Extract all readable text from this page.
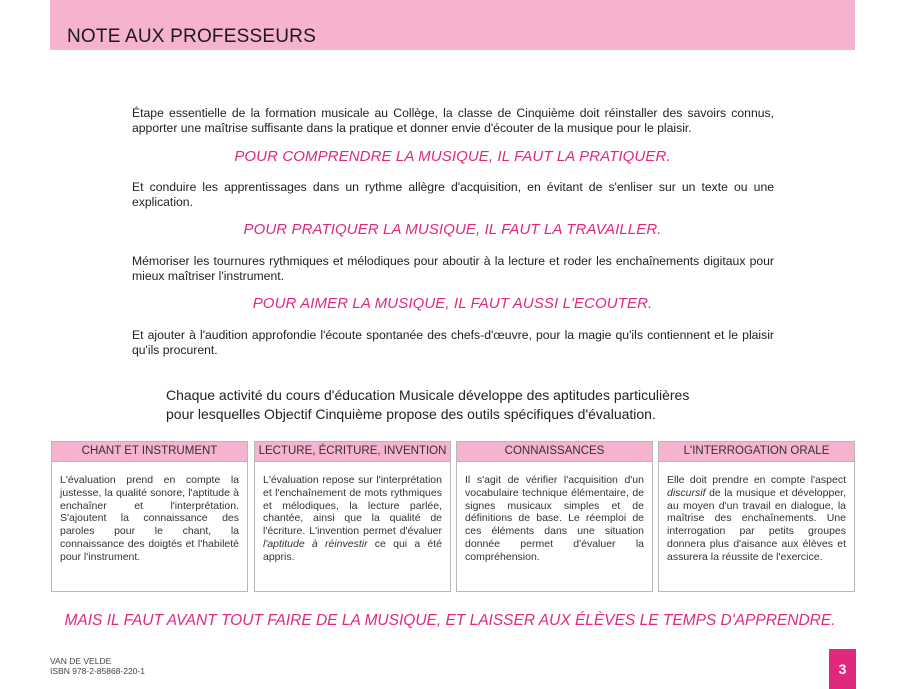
NOTE AUX PROFESSEURS
Étape essentielle de la formation musicale au Collège, la classe de Cinquième doit réinstaller des savoirs connus, apporter une maîtrise suffisante dans la pratique et donner envie d'écouter de la musique pour le plaisir.
POUR COMPRENDRE LA MUSIQUE, IL FAUT LA PRATIQUER.
Et conduire les apprentissages dans un rythme allègre d'acquisition, en évitant de s'enliser sur un texte ou une explication.
POUR PRATIQUER LA MUSIQUE, IL FAUT LA TRAVAILLER.
Mémoriser les tournures rythmiques et mélodiques pour aboutir à la lecture et roder les enchaînements digitaux pour mieux maîtriser l'instrument.
POUR AIMER LA MUSIQUE, IL FAUT AUSSI L'ECOUTER.
Et ajouter à l'audition approfondie l'écoute spontanée des chefs-d'œuvre, pour la magie qu'ils contiennent et le plaisir qu'ils procurent.
Chaque activité du cours d'éducation Musicale développe des aptitudes particulières
pour lesquelles Objectif Cinquième propose des outils spécifiques d'évaluation.
CHANT ET INSTRUMENT
L'évaluation prend en compte la justesse, la qualité sonore, l'aptitude à enchaîner et l'interprétation. S'ajoutent la connaissance des paroles pour le chant, la connaissance des doigtés et l'habileté pour l'instrument.
LECTURE, ÉCRITURE, INVENTION
L'évaluation repose sur l'interprétation et l'enchaînement de mots rythmiques et mélodiques, la lecture parlée, chantée, ainsi que la qualité de l'écriture. L'invention permet d'évaluer l'aptitude à réinvestir ce qui a été appris.
CONNAISSANCES
Il s'agit de vérifier l'acquisition d'un vocabulaire technique élémentaire, de signes musicaux simples et de définitions de base. Le réemploi de ces éléments dans une situation donnée permet d'évaluer la compréhension.
L'INTERROGATION ORALE
Elle doit prendre en compte l'aspect discursif de la musique et développer, au moyen d'un travail en dialogue, la maîtrise des enchaînements. Une interrogation par petits groupes donnera plus d'aisance aux élèves et assurera la réussite de l'exercice.
MAIS IL FAUT AVANT TOUT FAIRE DE LA MUSIQUE, ET LAISSER AUX ÉLÈVES LE TEMPS D'APPRENDRE.
VAN DE VELDE
ISBN 978-2-85868-220-1	3
